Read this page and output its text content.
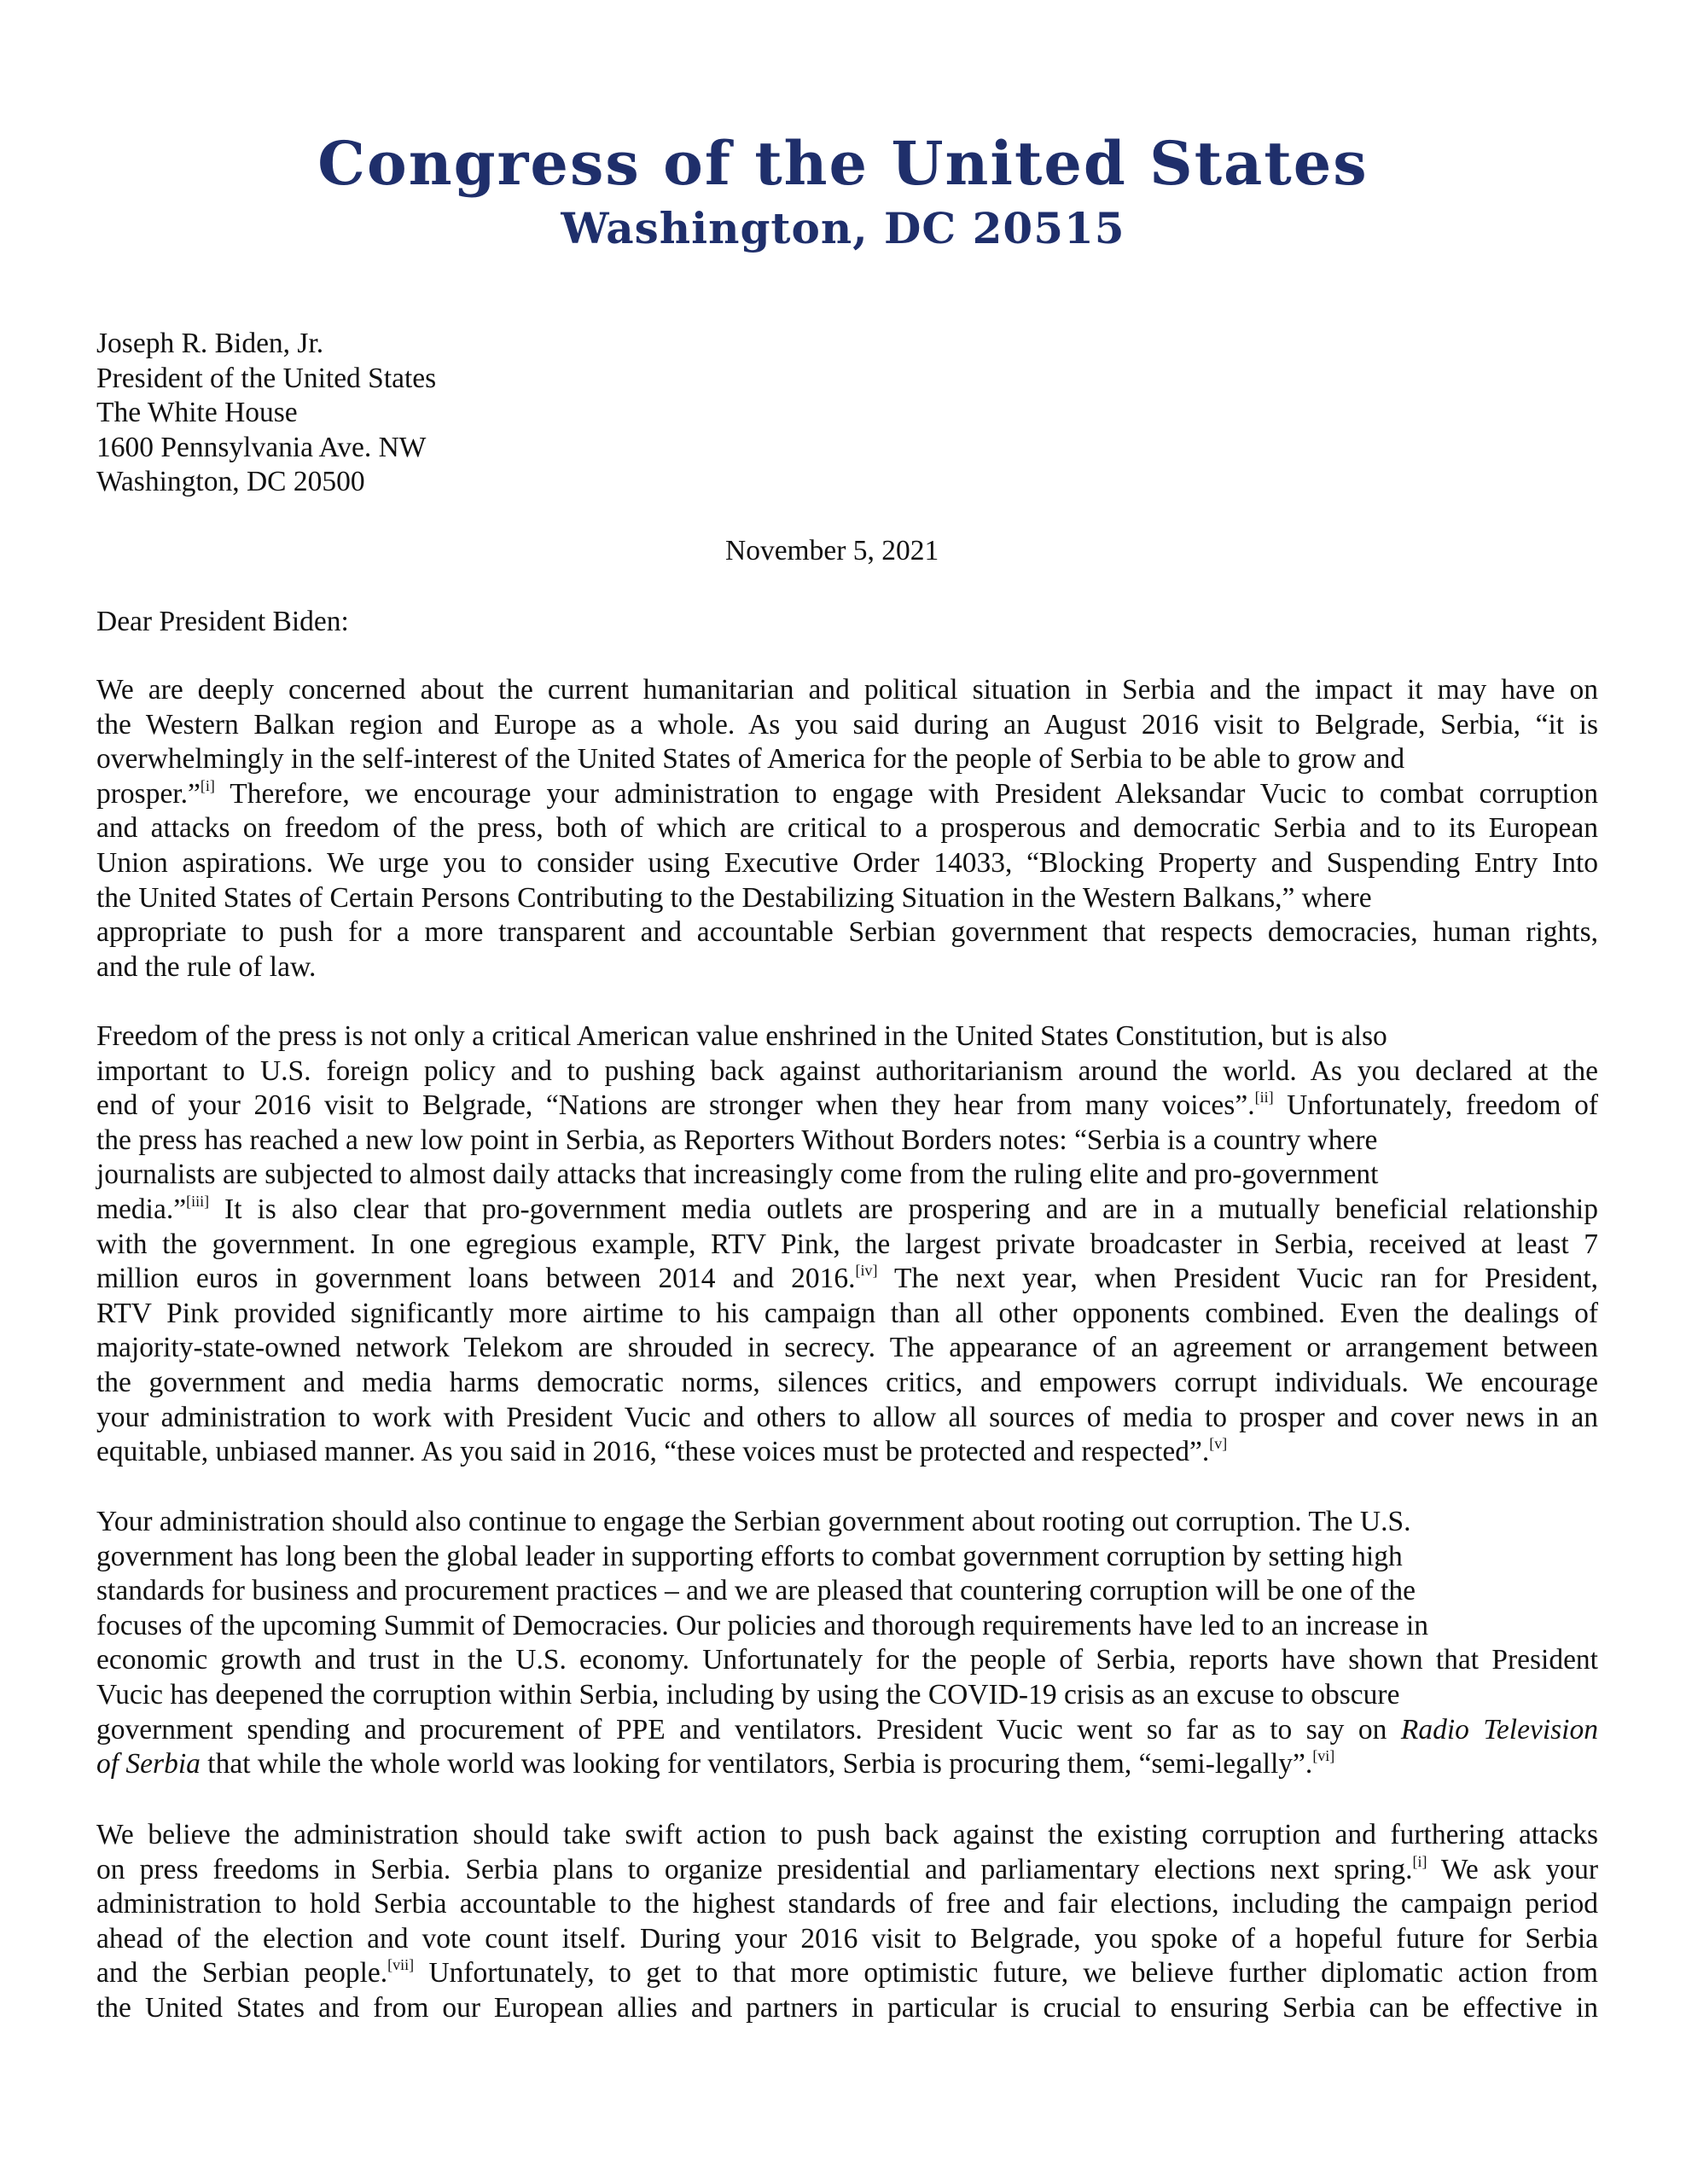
Congress of the United States
Washington, DC 20515
Joseph R. Biden, Jr.
President of the United States
The White House
1600 Pennsylvania Ave. NW
Washington, DC 20500
November 5, 2021
Dear President Biden:
We are deeply concerned about the current humanitarian and political situation in Serbia and the impact it may have on
the Western Balkan region and Europe as a whole. As you said during an August 2016 visit to Belgrade, Serbia, “it is
overwhelmingly in the self-interest of the United States of America for the people of Serbia to be able to grow and
prosper.”[i] Therefore, we encourage your administration to engage with President Aleksandar Vucic to combat corruption
and attacks on freedom of the press, both of which are critical to a prosperous and democratic Serbia and to its European
Union aspirations. We urge you to consider using Executive Order 14033, “Blocking Property and Suspending Entry Into
the United States of Certain Persons Contributing to the Destabilizing Situation in the Western Balkans,” where
appropriate to push for a more transparent and accountable Serbian government that respects democracies, human rights,
and the rule of law.
Freedom of the press is not only a critical American value enshrined in the United States Constitution, but is also
important to U.S. foreign policy and to pushing back against authoritarianism around the world. As you declared at the
end of your 2016 visit to Belgrade, “Nations are stronger when they hear from many voices”.[ii] Unfortunately, freedom of
the press has reached a new low point in Serbia, as Reporters Without Borders notes: “Serbia is a country where
journalists are subjected to almost daily attacks that increasingly come from the ruling elite and pro-government
media.”[iii] It is also clear that pro-government media outlets are prospering and are in a mutually beneficial relationship
with the government. In one egregious example, RTV Pink, the largest private broadcaster in Serbia, received at least 7
million euros in government loans between 2014 and 2016.[iv] The next year, when President Vucic ran for President,
RTV Pink provided significantly more airtime to his campaign than all other opponents combined. Even the dealings of
majority-state-owned network Telekom are shrouded in secrecy. The appearance of an agreement or arrangement between
the government and media harms democratic norms, silences critics, and empowers corrupt individuals. We encourage
your administration to work with President Vucic and others to allow all sources of media to prosper and cover news in an
equitable, unbiased manner. As you said in 2016, “these voices must be protected and respected”.[v]
Your administration should also continue to engage the Serbian government about rooting out corruption. The U.S.
government has long been the global leader in supporting efforts to combat government corruption by setting high
standards for business and procurement practices – and we are pleased that countering corruption will be one of the
focuses of the upcoming Summit of Democracies. Our policies and thorough requirements have led to an increase in
economic growth and trust in the U.S. economy. Unfortunately for the people of Serbia, reports have shown that President
Vucic has deepened the corruption within Serbia, including by using the COVID-19 crisis as an excuse to obscure
government spending and procurement of PPE and ventilators. President Vucic went so far as to say on Radio Television
of Serbia that while the whole world was looking for ventilators, Serbia is procuring them, “semi-legally”.[vi]
We believe the administration should take swift action to push back against the existing corruption and furthering attacks
on press freedoms in Serbia. Serbia plans to organize presidential and parliamentary elections next spring.[i] We ask your
administration to hold Serbia accountable to the highest standards of free and fair elections, including the campaign period
ahead of the election and vote count itself. During your 2016 visit to Belgrade, you spoke of a hopeful future for Serbia
and the Serbian people.[vii] Unfortunately, to get to that more optimistic future, we believe further diplomatic action from
the United States and from our European allies and partners in particular is crucial to ensuring Serbia can be effective in
